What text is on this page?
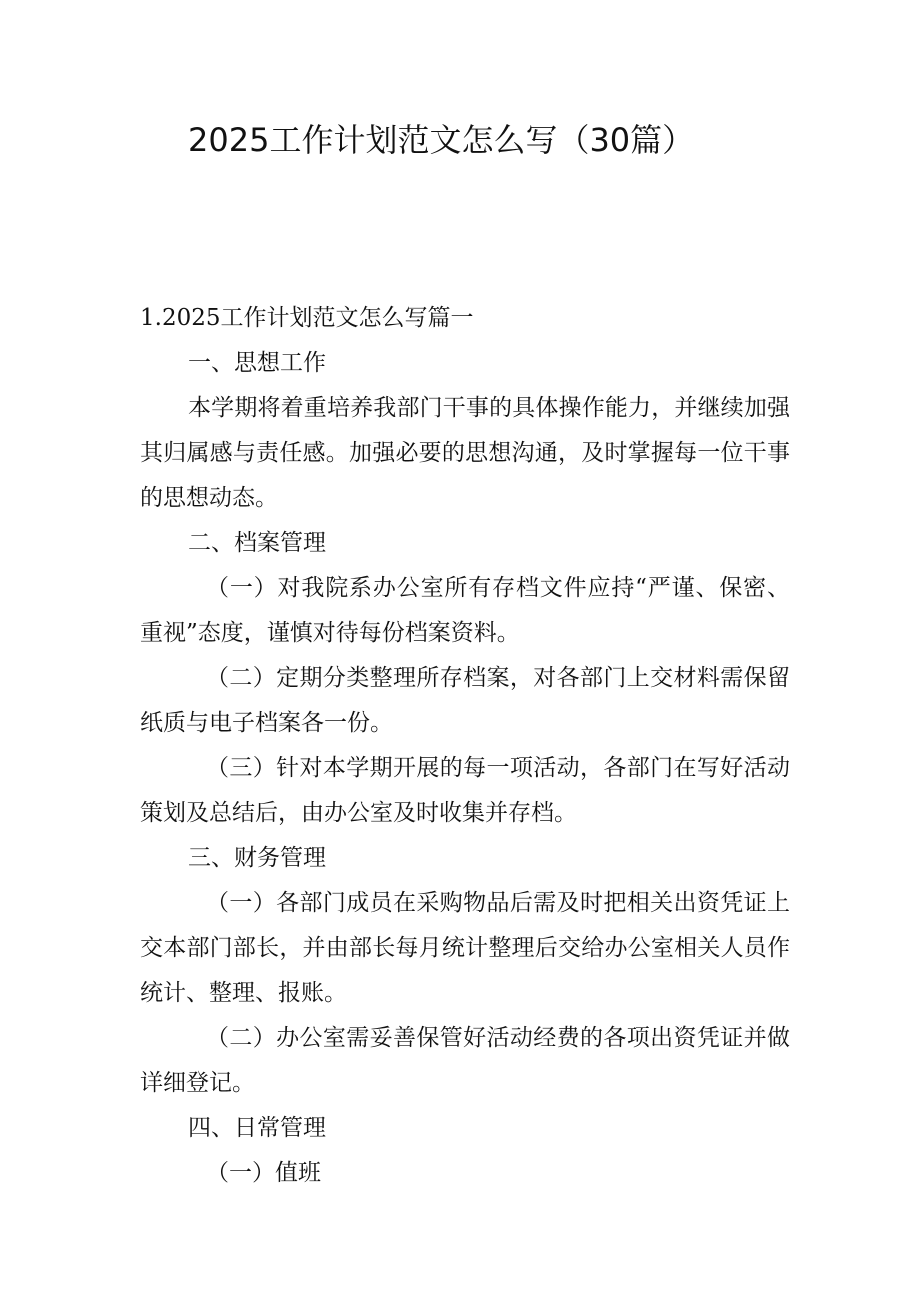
2025工作计划范文怎么写（30篇）

1.2025工作计划范文怎么写篇一

一、思想工作

本学期将着重培养我部门干事的具体操作能力，并继续加强其归属感与责任感。加强必要的思想沟通，及时掌握每一位干事的思想动态。

二、档案管理

（一）对我院系办公室所有存档文件应持“严谨、保密、重视”态度，谨慎对待每份档案资料。

（二）定期分类整理所存档案，对各部门上交材料需保留纸质与电子档案各一份。

（三）针对本学期开展的每一项活动，各部门在写好活动策划及总结后，由办公室及时收集并存档。

三、财务管理

（一）各部门成员在采购物品后需及时把相关出资凭证上交本部门部长，并由部长每月统计整理后交给办公室相关人员作统计、整理、报账。

（二）办公室需妥善保管好活动经费的各项出资凭证并做详细登记。

四、日常管理

（一）值班
